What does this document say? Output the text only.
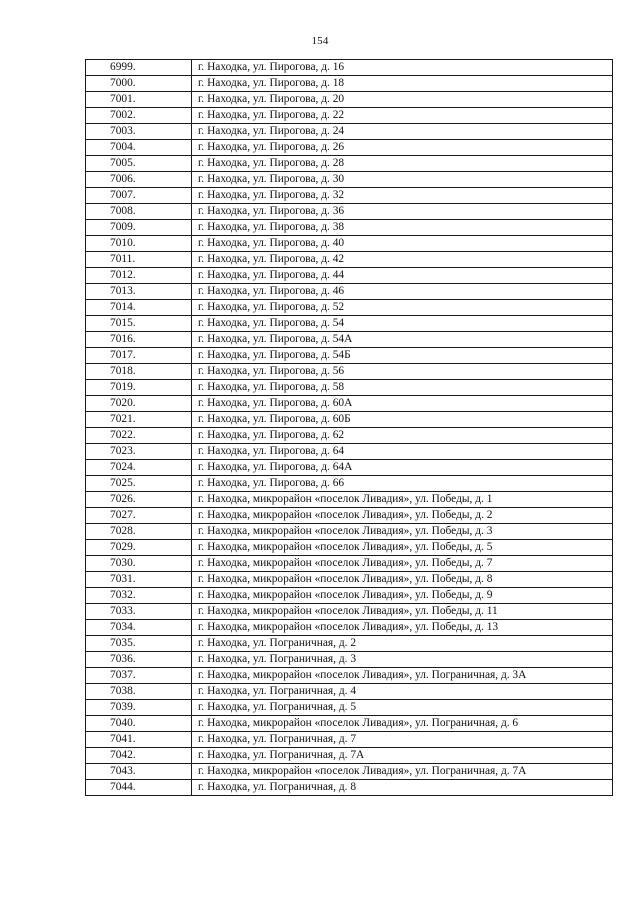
154
6999.	г. Находка, ул. Пирогова, д. 16
7000.	г. Находка, ул. Пирогова, д. 18
7001.	г. Находка, ул. Пирогова, д. 20
7002.	г. Находка, ул. Пирогова, д. 22
7003.	г. Находка, ул. Пирогова, д. 24
7004.	г. Находка, ул. Пирогова, д. 26
7005.	г. Находка, ул. Пирогова, д. 28
7006.	г. Находка, ул. Пирогова, д. 30
7007.	г. Находка, ул. Пирогова, д. 32
7008.	г. Находка, ул. Пирогова, д. 36
7009.	г. Находка, ул. Пирогова, д. 38
7010.	г. Находка, ул. Пирогова, д. 40
7011.	г. Находка, ул. Пирогова, д. 42
7012.	г. Находка, ул. Пирогова, д. 44
7013.	г. Находка, ул. Пирогова, д. 46
7014.	г. Находка, ул. Пирогова, д. 52
7015.	г. Находка, ул. Пирогова, д. 54
7016.	г. Находка, ул. Пирогова, д. 54А
7017.	г. Находка, ул. Пирогова, д. 54Б
7018.	г. Находка, ул. Пирогова, д. 56
7019.	г. Находка, ул. Пирогова, д. 58
7020.	г. Находка, ул. Пирогова, д. 60А
7021.	г. Находка, ул. Пирогова, д. 60Б
7022.	г. Находка, ул. Пирогова, д. 62
7023.	г. Находка, ул. Пирогова, д. 64
7024.	г. Находка, ул. Пирогова, д. 64А
7025.	г. Находка, ул. Пирогова, д. 66
7026.	г. Находка, микрорайон «поселок Ливадия», ул. Победы, д. 1
7027.	г. Находка, микрорайон «поселок Ливадия», ул. Победы, д. 2
7028.	г. Находка, микрорайон «поселок Ливадия», ул. Победы, д. 3
7029.	г. Находка, микрорайон «поселок Ливадия», ул. Победы, д. 5
7030.	г. Находка, микрорайон «поселок Ливадия», ул. Победы, д. 7
7031.	г. Находка, микрорайон «поселок Ливадия», ул. Победы, д. 8
7032.	г. Находка, микрорайон «поселок Ливадия», ул. Победы, д. 9
7033.	г. Находка, микрорайон «поселок Ливадия», ул. Победы, д. 11
7034.	г. Находка, микрорайон «поселок Ливадия», ул. Победы, д. 13
7035.	г. Находка, ул. Пограничная, д. 2
7036.	г. Находка, ул. Пограничная, д. 3
7037.	г. Находка, микрорайон «поселок Ливадия», ул. Пограничная, д. 3А
7038.	г. Находка, ул. Пограничная, д. 4
7039.	г. Находка, ул. Пограничная, д. 5
7040.	г. Находка, микрорайон «поселок Ливадия», ул. Пограничная, д. 6
7041.	г. Находка, ул. Пограничная, д. 7
7042.	г. Находка, ул. Пограничная, д. 7А
7043.	г. Находка, микрорайон «поселок Ливадия», ул. Пограничная, д. 7А
7044.	г. Находка, ул. Пограничная, д. 8
